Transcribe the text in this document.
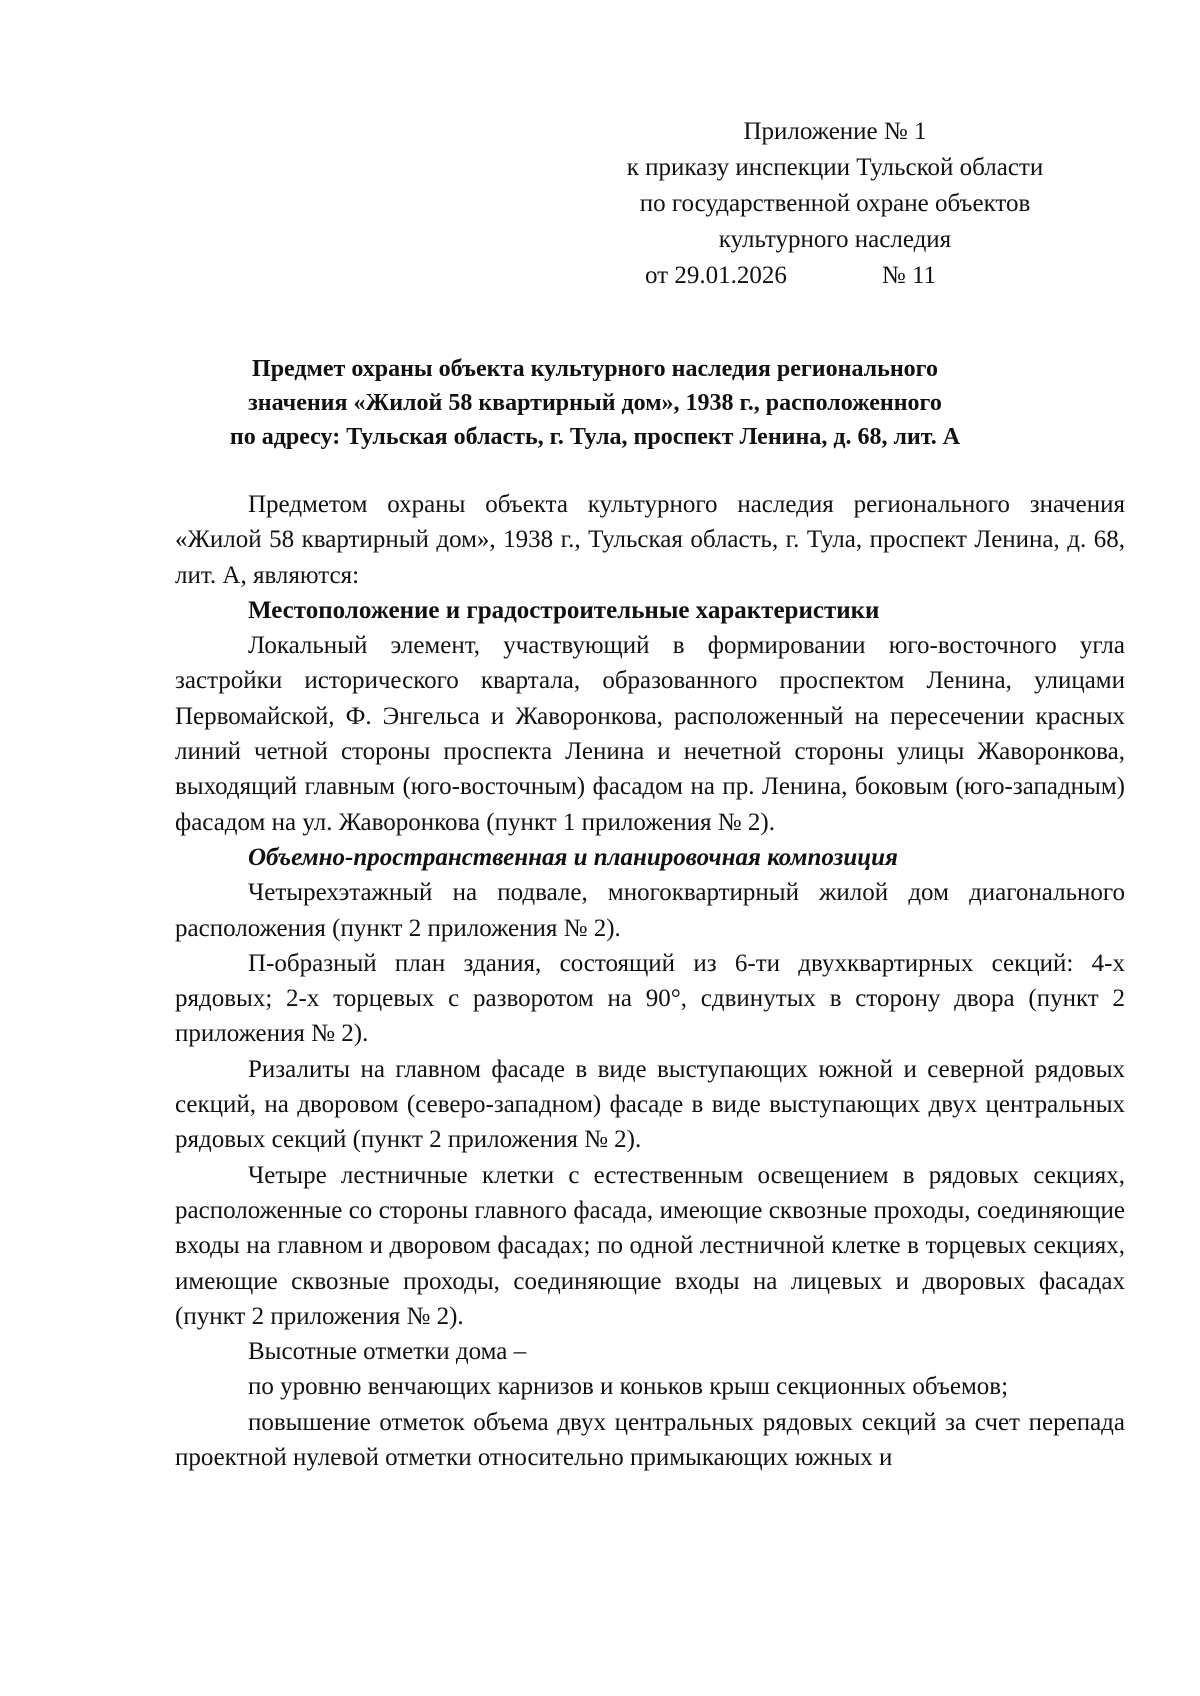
Приложение № 1
к приказу инспекции Тульской области
по государственной охране объектов
культурного наследия
от 29.01.2026	№ 11
Предмет охраны объекта культурного наследия регионального
значения «Жилой 58 квартирный дом», 1938 г., расположенного
по адресу: Тульская область, г. Тула, проспект Ленина, д. 68, лит. А

Предметом охраны объекта культурного наследия регионального значения «Жилой 58 квартирный дом», 1938 г., Тульская область, г. Тула, проспект Ленина, д. 68, лит. А, являются:

Местоположение и градостроительные характеристики

Локальный элемент, участвующий в формировании юго-восточного угла застройки исторического квартала, образованного проспектом Ленина, улицами Первомайской, Ф. Энгельса и Жаворонкова, расположенный на пересечении красных линий четной стороны проспекта Ленина и нечетной стороны улицы Жаворонкова, выходящий главным (юго-восточным) фасадом на пр. Ленина, боковым (юго-западным) фасадом на ул. Жаворонкова (пункт 1 приложения № 2).

Объемно-пространственная и планировочная композиция

Четырехэтажный на подвале, многоквартирный жилой дом диагонального расположения (пункт 2 приложения № 2).

П-образный план здания, состоящий из 6-ти двухквартирных секций: 4-х рядовых; 2-х торцевых с разворотом на 90°, сдвинутых в сторону двора (пункт 2 приложения № 2).

Ризалиты на главном фасаде в виде выступающих южной и северной рядовых секций, на дворовом (северо-западном) фасаде в виде выступающих двух центральных рядовых секций (пункт 2 приложения № 2).

Четыре лестничные клетки с естественным освещением в рядовых секциях, расположенные со стороны главного фасада, имеющие сквозные проходы, соединяющие входы на главном и дворовом фасадах; по одной лестничной клетке в торцевых секциях, имеющие сквозные проходы, соединяющие входы на лицевых и дворовых фасадах (пункт 2 приложения № 2).

Высотные отметки дома –

по уровню венчающих карнизов и коньков крыш секционных объемов;

повышение отметок объема двух центральных рядовых секций за счет перепада проектной нулевой отметки относительно примыкающих южных и
